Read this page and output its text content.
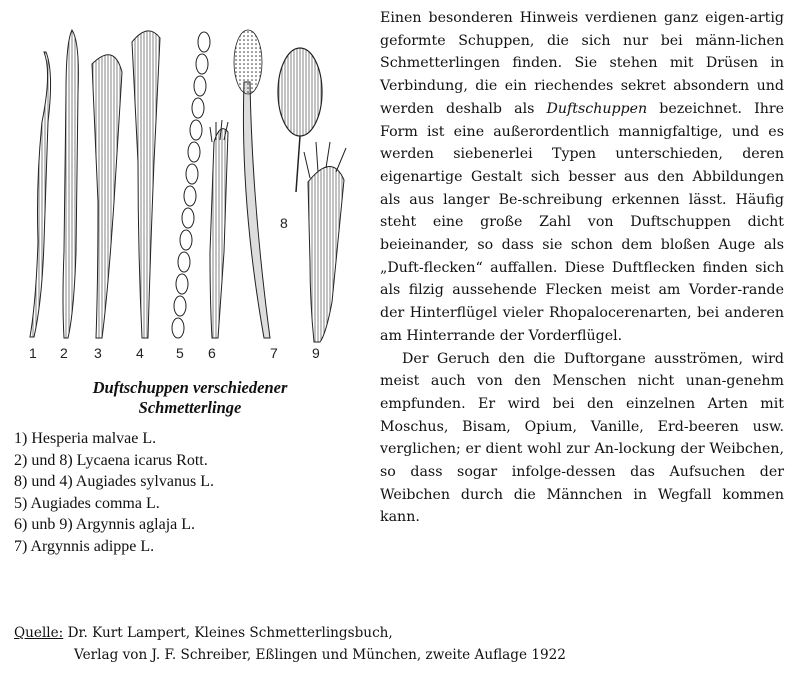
1 2 3 4 5 6	7
8
9
Duftschuppen verschiedener
Schmetterlinge
1) Hesperia malvae L.
2) und 8) Lycaena icarus Rott.
8) und 4) Augiades sylvanus L.
5) Augiades comma L.
6) unb 9) Argynnis aglaja L.
7) Argynnis adippe L.

Einen besonderen Hinweis verdienen ganz eigen-artig geformte Schuppen, die sich nur bei männ-lichen Schmetterlingen finden. Sie stehen mit Drüsen in Verbindung, die ein riechendes sekret absondern und werden deshalb als Duftschuppen bezeichnet. Ihre Form ist eine außerordentlich mannigfaltige, und es werden siebenerlei Typen unterschieden, deren eigenartige Gestalt sich besser aus den Abbildungen als aus langer Be-schreibung erkennen lässt. Häufig steht eine große Zahl von Duftschuppen dicht beieinander, so dass sie schon dem bloßen Auge als „Duft-flecken“ auffallen. Diese Duftflecken finden sich als filzig aussehende Flecken meist am Vorder-rande der Hinterflügel vieler Rhopalocerenarten, bei anderen am Hinterrande der Vorderflügel.

Der Geruch den die Duftorgane ausströmen, wird meist auch von den Menschen nicht unan-genehm empfunden. Er wird bei den einzelnen Arten mit Moschus, Bisam, Opium, Vanille, Erd-beeren usw. verglichen; er dient wohl zur An-lockung der Weibchen, so dass sogar infolge-dessen das Aufsuchen der Weibchen durch die Männchen in Wegfall kommen kann.

Quelle: Dr. Kurt Lampert, Kleines Schmetterlingsbuch,
Verlag von J. F. Schreiber, Eßlingen und München, zweite Auflage 1922
